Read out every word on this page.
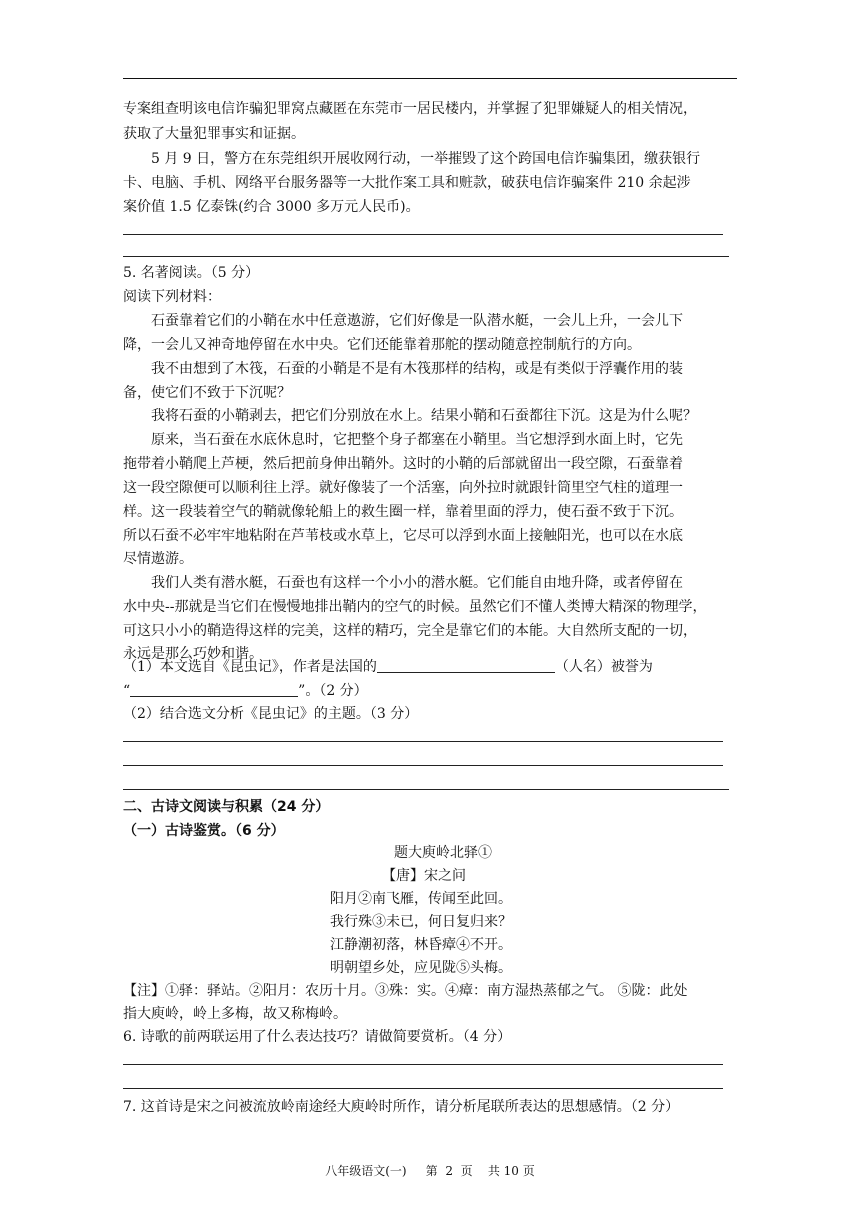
专案组查明该电信诈骗犯罪窝点藏匿在东莞市一居民楼内，并掌握了犯罪嫌疑人的相关情况，
获取了大量犯罪事实和证据。
　　5 月 9 日，警方在东莞组织开展收网行动，一举摧毁了这个跨国电信诈骗集团，缴获银行
卡、电脑、手机、网络平台服务器等一大批作案工具和赃款，破获电信诈骗案件 210 余起涉
案价值 1.5 亿泰铢(约合 3000 多万元人民币)。
5. 名著阅读。（5 分）
阅读下列材料：
　　石蚕靠着它们的小鞘在水中任意遨游，它们好像是一队潜水艇，一会儿上升，一会儿下
降，一会儿又神奇地停留在水中央。它们还能靠着那舵的摆动随意控制航行的方向。
　　我不由想到了木筏，石蚕的小鞘是不是有木筏那样的结构，或是有类似于浮囊作用的装
备，使它们不致于下沉呢？
　　我将石蚕的小鞘剥去，把它们分别放在水上。结果小鞘和石蚕都往下沉。这是为什么呢？
　　原来，当石蚕在水底休息时，它把整个身子都塞在小鞘里。当它想浮到水面上时，它先
拖带着小鞘爬上芦梗，然后把前身伸出鞘外。这时的小鞘的后部就留出一段空隙，石蚕靠着
这一段空隙便可以顺利往上浮。就好像装了一个活塞，向外拉时就跟针筒里空气柱的道理一
样。这一段装着空气的鞘就像轮船上的救生圈一样，靠着里面的浮力，使石蚕不致于下沉。
所以石蚕不必牢牢地粘附在芦苇枝或水草上，它尽可以浮到水面上接触阳光，也可以在水底
尽情遨游。
　　我们人类有潜水艇，石蚕也有这样一个小小的潜水艇。它们能自由地升降，或者停留在
水中央--那就是当它们在慢慢地排出鞘内的空气的时候。虽然它们不懂人类博大精深的物理学，
可这只小小的鞘造得这样的完美，这样的精巧，完全是靠它们的本能。大自然所支配的一切，
永远是那么巧妙和谐。
（1）本文选自《昆虫记》，作者是法国的	（人名）被誉为
“	”。（2 分）
（2）结合选文分析《昆虫记》的主题。（3 分）
二、古诗文阅读与积累（24 分）
（一）古诗鉴赏。（6 分）
题大庾岭北驿①
【唐】宋之问
阳月②南飞雁，传闻至此回。
我行殊③未已，何日复归来？
江静潮初落，林昏瘴④不开。
明朝望乡处，应见陇⑤头梅。
【注】①驿：驿站。②阳月：农历十月。③殊：实。④瘴：南方湿热蒸郁之气。 ⑤陇：此处
指大庾岭，岭上多梅，故又称梅岭。
6. 诗歌的前两联运用了什么表达技巧？请做简要赏析。（4 分）
7. 这首诗是宋之问被流放岭南途经大庾岭时所作，请分析尾联所表达的思想感情。（2 分）
八年级语文(一)     第  2  页    共 10 页
